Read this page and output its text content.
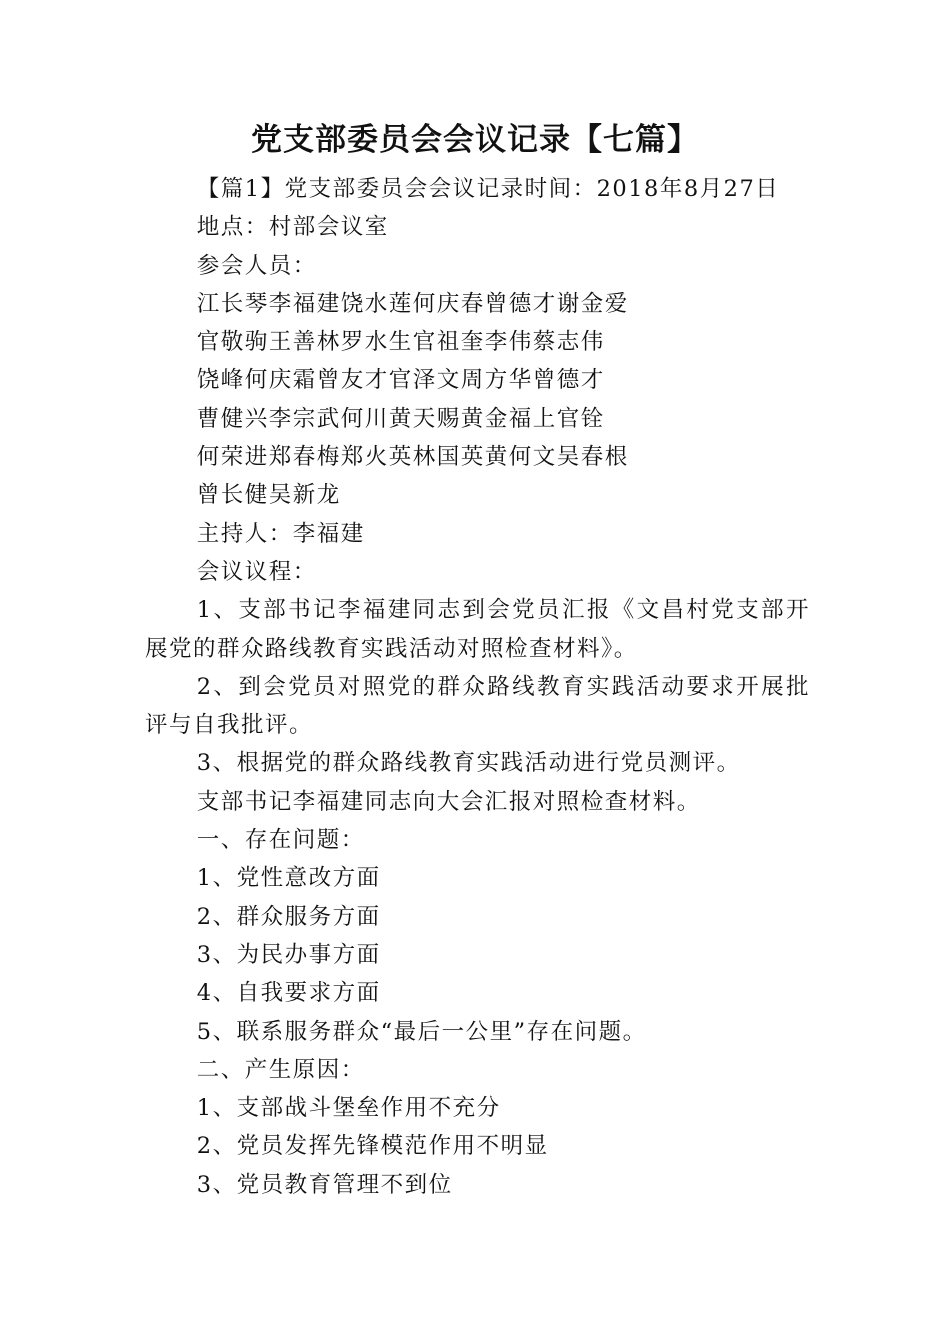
党支部委员会会议记录【七篇】

【篇1】党支部委员会会议记录时间：2018年8月27日

地点：村部会议室

参会人员：

江长琴李福建饶水莲何庆春曾德才谢金爱

官敬驹王善林罗水生官祖奎李伟蔡志伟

饶峰何庆霜曾友才官泽文周方华曾德才

曹健兴李宗武何川黄天赐黄金福上官铨

何荣进郑春梅郑火英林国英黄何文吴春根

曾长健吴新龙

主持人：李福建

会议议程：

1、支部书记李福建同志到会党员汇报《文昌村党支部开展党的群众路线教育实践活动对照检查材料》。

2、到会党员对照党的群众路线教育实践活动要求开展批评与自我批评。

3、根据党的群众路线教育实践活动进行党员测评。

支部书记李福建同志向大会汇报对照检查材料。

一、存在问题：

1、党性意改方面

2、群众服务方面

3、为民办事方面

4、自我要求方面

5、联系服务群众“最后一公里”存在问题。

二、产生原因：

1、支部战斗堡垒作用不充分

2、党员发挥先锋模范作用不明显

3、党员教育管理不到位
